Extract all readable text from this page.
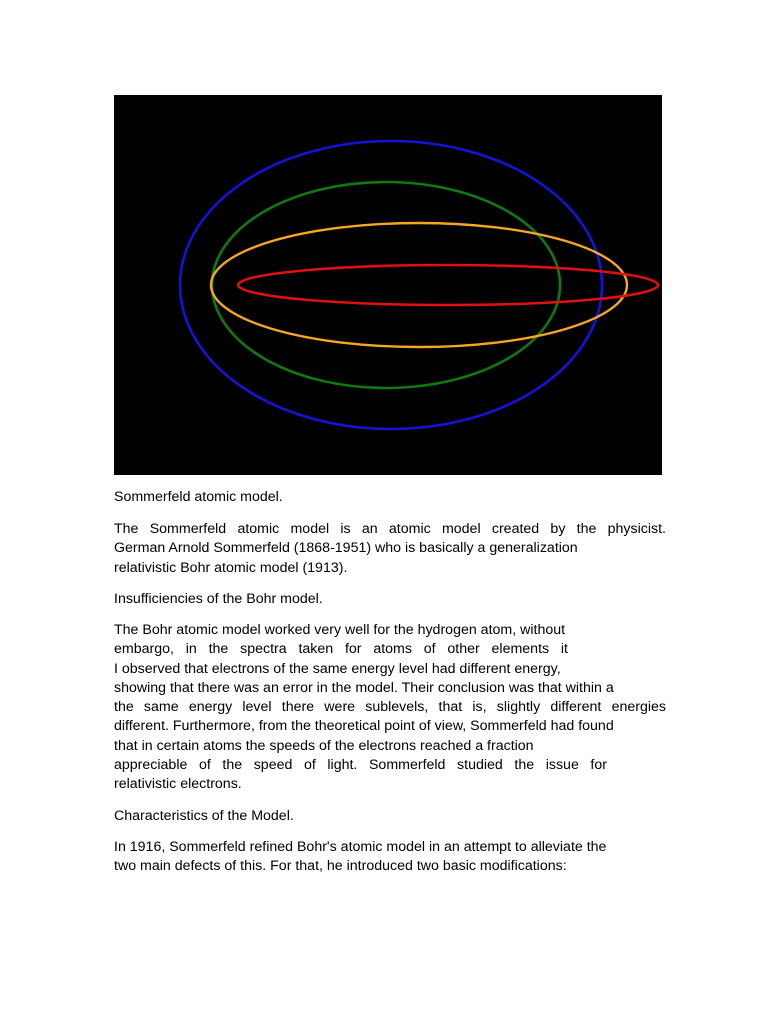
Sommerfeld atomic model.
The Sommerfeld atomic model is an atomic model created by the physicist.
German Arnold Sommerfeld (1868-1951) who is basically a generalization
relativistic Bohr atomic model (1913).
Insufficiencies of the Bohr model.
The Bohr atomic model worked very well for the hydrogen atom, without
embargo, in the spectra taken for atoms of other elements it
I observed that electrons of the same energy level had different energy,
showing that there was an error in the model. Their conclusion was that within a
the same energy level there were sublevels, that is, slightly different energies
different. Furthermore, from the theoretical point of view, Sommerfeld had found
that in certain atoms the speeds of the electrons reached a fraction
appreciable of the speed of light. Sommerfeld studied the issue for
relativistic electrons.
Characteristics of the Model.
In 1916, Sommerfeld refined Bohr's atomic model in an attempt to alleviate the
two main defects of this. For that, he introduced two basic modifications:
